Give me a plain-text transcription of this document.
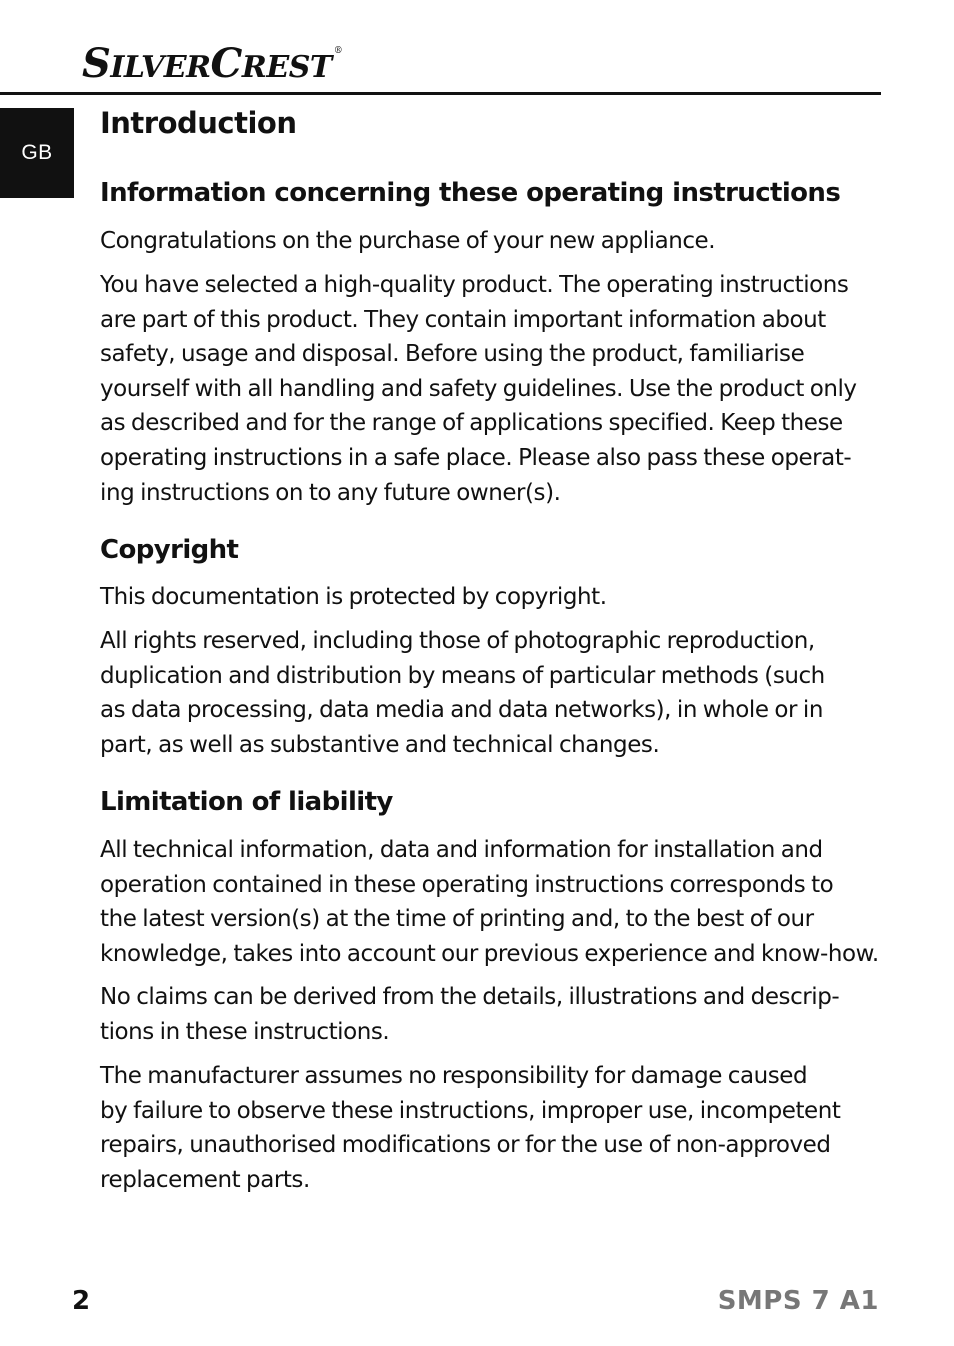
SILVERCREST ®
GB
Introduction
Information concerning these operating instructions

Congratulations on the purchase of your new appliance.

You have selected a high-quality product. The operating instructions
are part of this product. They contain important information about
safety, usage and disposal. Before using the product, familiarise
yourself with all handling and safety guidelines. Use the product only
as described and for the range of applications specified. Keep these
operating instructions in a safe place. Please also pass these operat-
ing instructions on to any future owner(s).

Copyright

This documentation is protected by copyright.

All rights reserved, including those of photographic reproduction,
duplication and distribution by means of particular methods (such
as data processing, data media and data networks), in whole or in
part, as well as substantive and technical changes.

Limitation of liability

All technical information, data and information for installation and
operation contained in these operating instructions corresponds to
the latest version(s) at the time of printing and, to the best of our
knowledge, takes into account our previous experience and know-how.

No claims can be derived from the details, illustrations and descrip-
tions in these instructions.

The manufacturer assumes no responsibility for damage caused
by failure to observe these instructions, improper use, incompetent
repairs, unauthorised modifications or for the use of non-approved
replacement parts.

2	SMPS 7 A1
